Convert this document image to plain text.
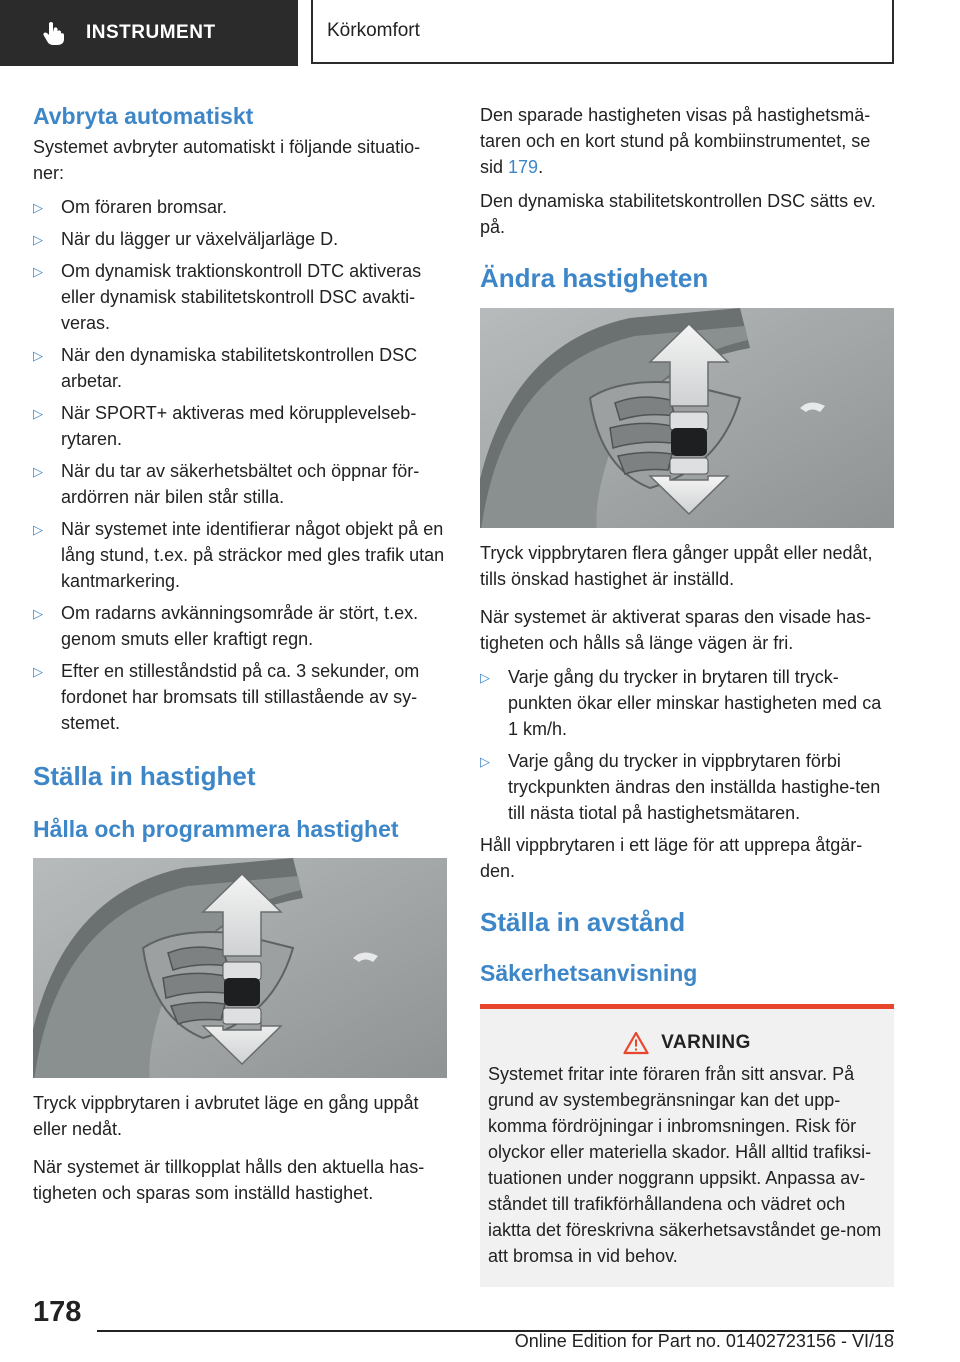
INSTRUMENT	Körkomfort
Avbryta automatiskt

Systemet avbryter automatiskt i följande situatio-ner:

▷ Om föraren bromsar.
▷ När du lägger ur växelväljarläge D.
▷ Om dynamisk traktionskontroll DTC aktiveras eller dynamisk stabilitetskontroll DSC avakti-veras.
▷ När den dynamiska stabilitetskontrollen DSC arbetar.
▷ När SPORT+ aktiveras med körupplevelseb-rytaren.
▷ När du tar av säkerhetsbältet och öppnar för-ardörren när bilen står stilla.
▷ När systemet inte identifierar något objekt på en lång stund, t.ex. på sträckor med gles trafik utan kantmarkering.
▷ Om radarns avkänningsområde är stört, t.ex. genom smuts eller kraftigt regn.
▷ Efter en stilleståndstid på ca. 3 sekunder, om fordonet har bromsats till stillastående av sy-stemet.
Ställa in hastighet
Hålla och programmera hastighet

Tryck vippbrytaren i avbrutet läge en gång uppåt eller nedåt.

När systemet är tillkopplat hålls den aktuella has-tigheten och sparas som inställd hastighet.

Den sparade hastigheten visas på hastighetsmä-taren och en kort stund på kombiinstrumentet, se sid 179.

Den dynamiska stabilitetskontrollen DSC sätts ev. på.

Ändra hastigheten

Tryck vippbrytaren flera gånger uppåt eller nedåt, tills önskad hastighet är inställd.

När systemet är aktiverat sparas den visade has-tigheten och hålls så länge vägen är fri.

▷ Varje gång du trycker in brytaren till tryck-punkten ökar eller minskar hastigheten med ca 1 km/h.
▷ Varje gång du trycker in vippbrytaren förbi tryckpunkten ändras den inställda hastighe-ten till nästa tiotal på hastighetsmätaren.

Håll vippbrytaren i ett läge för att upprepa åtgär-den.

Ställa in avstånd
Säkerhetsanvisning
VARNING

Systemet fritar inte föraren från sitt ansvar. På grund av systembegränsningar kan det upp-komma fördröjningar i inbromsningen. Risk för olyckor eller materiella skador. Håll alltid trafiksi-tuationen under noggrann uppsikt. Anpassa av-ståndet till trafikförhållandena och vädret och iaktta det föreskrivna säkerhetsavståndet ge-nom att bromsa in vid behov.

178
Online Edition for Part no. 01402723156 - VI/18
